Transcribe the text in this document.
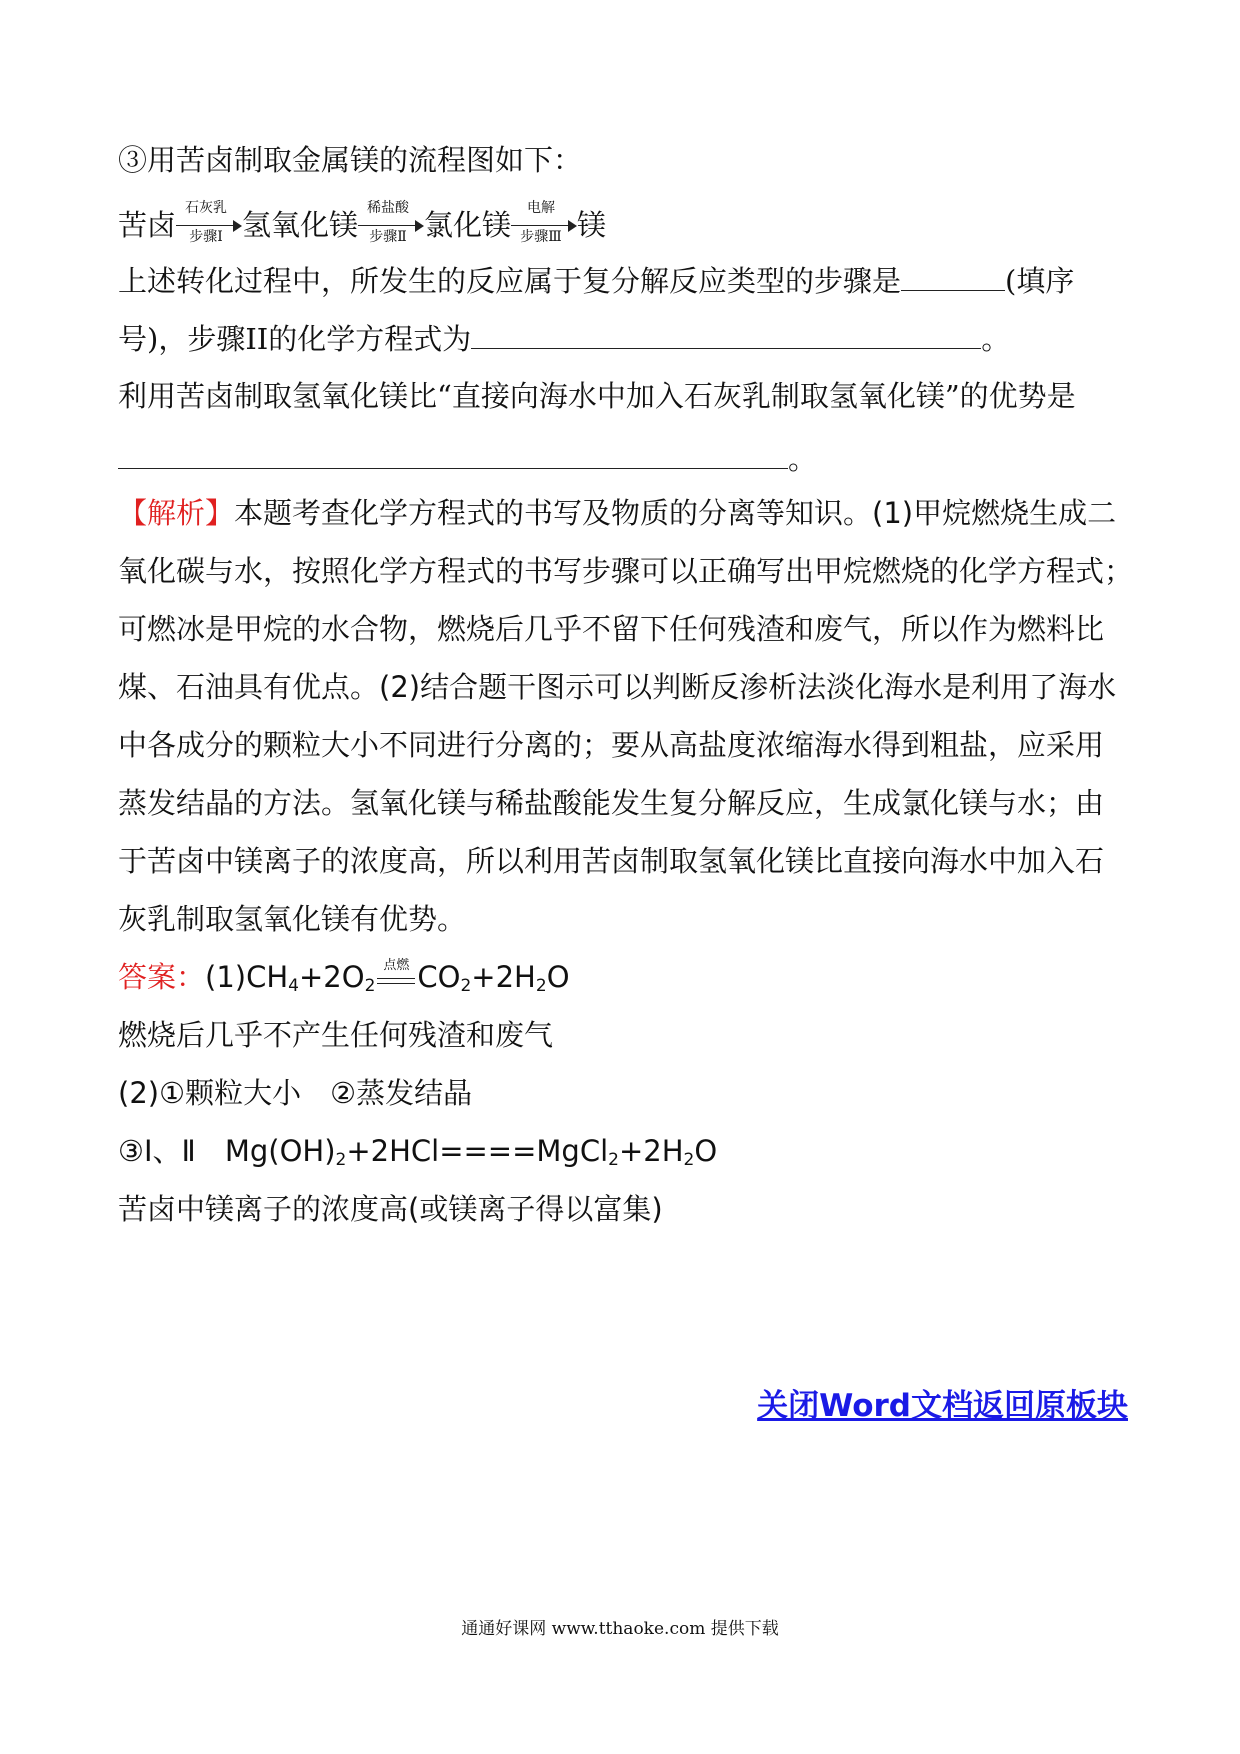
③用苦卤制取金属镁的流程图如下：
苦卤 石灰乳
步骤Ⅰ 氢氧化镁 稀盐酸
步骤Ⅱ 氯化镁	电解
步骤Ⅲ 镁
上述转化过程中，所发生的反应属于复分解反应类型的步骤是	(填序
号)，步骤II的化学方程式为	。
利用苦卤制取氢氧化镁比“直接向海水中加入石灰乳制取氢氧化镁”的优势是
。
【解析】本题考查化学方程式的书写及物质的分离等知识。(1)甲烷燃烧生成二
氧化碳与水，按照化学方程式的书写步骤可以正确写出甲烷燃烧的化学方程式；
可燃冰是甲烷的水合物，燃烧后几乎不留下任何残渣和废气，所以作为燃料比
煤、石油具有优点。(2)结合题干图示可以判断反渗析法淡化海水是利用了海水
中各成分的颗粒大小不同进行分离的；要从高盐度浓缩海水得到粗盐，应采用
蒸发结晶的方法。氢氧化镁与稀盐酸能发生复分解反应，生成氯化镁与水；由
于苦卤中镁离子的浓度高，所以利用苦卤制取氢氧化镁比直接向海水中加入石
灰乳制取氢氧化镁有优势。
答案：$(1)CH_4+2O_2$
点燃 $CO_2+2H_2O$
燃烧后几乎不产生任何残渣和废气
(2)①颗粒大小　②蒸发结晶
③Ⅰ、Ⅱ　$Mg(OH)_2+2HCl====MgCl_2+2H_2O$
苦卤中镁离子的浓度高(或镁离子得以富集)
关闭Word文档返回原板块
通通好课网 www.tthaoke.com 提供下载
